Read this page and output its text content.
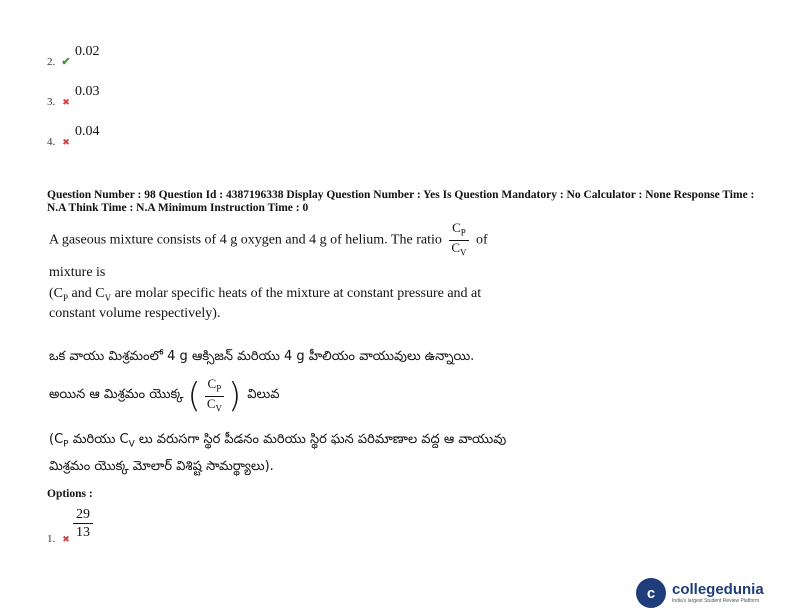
2. ✔
0.02
3. ✖
0.03
4. ✖
0.04
Question Number : 98 Question Id : 4387196338 Display Question Number : Yes Is Question Mandatory : No Calculator : None Response Time : N.A Think Time : N.A Minimum Instruction Time : 0
A gaseous mixture consists of 4 g oxygen and 4 g of helium. The ratio $\frac{C_P}{C_V}$ of
mixture is
($C_P$ and $C_V$ are molar specific heats of the mixture at constant pressure and at
constant volume respectively).
ఒక వాయు మిశ్రమంలో 4 g ఆక్సిజన్ మరియు 4 g హీలియం వాయువులు ఉన్నాయి.
అయిన ఆ మిశ్రమం యొక్క ( $\frac{C_P}{C_V}$ ) విలువ
($C_P$ మరియు $C_V$ లు వరుసగా స్థిర పీడనం మరియు స్థిర ఘన పరిమాణాల వద్ద ఆ వాయువు
మిశ్రమం యొక్క మోలార్ విశిష్ట సామర్థ్యాలు).
Options :
1. ✖ $\frac{29}{13}$
c	collegedunia
India's largest Student Review Platform
